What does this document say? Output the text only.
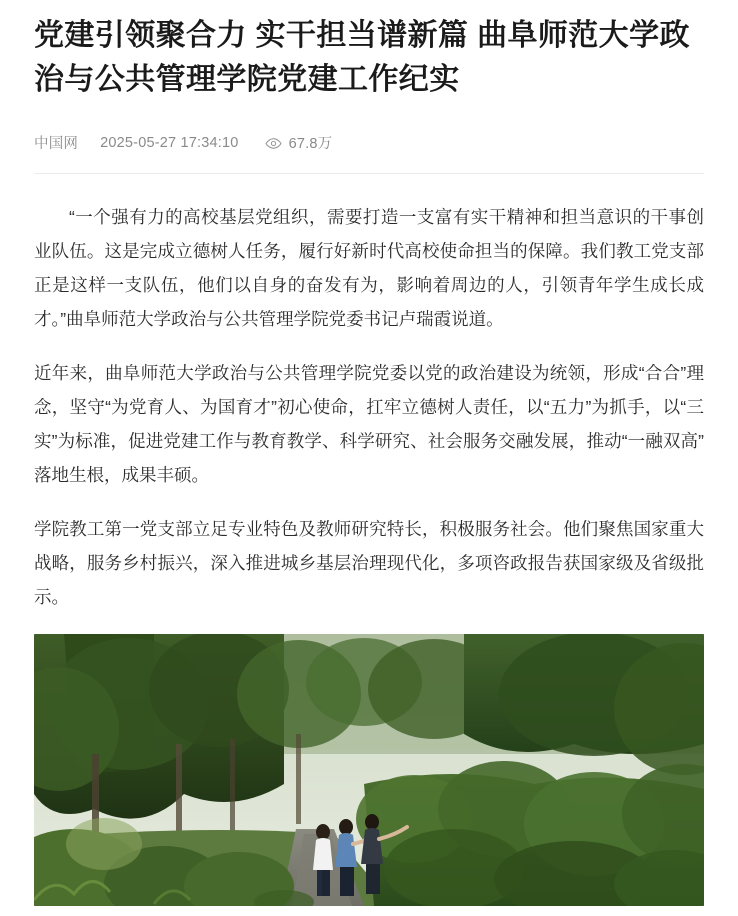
党建引领聚合力 实干担当谱新篇 曲阜师范大学政治与公共管理学院党建工作纪实
中国网 2025-05-27 17:34:10	67.8万

“一个强有力的高校基层党组织，需要打造一支富有实干精神和担当意识的干事创业队伍。这是完成立德树人任务，履行好新时代高校使命担当的保障。我们教工党支部正是这样一支队伍，他们以自身的奋发有为，影响着周边的人，引领青年学生成长成才。”曲阜师范大学政治与公共管理学院党委书记卢瑞霞说道。

近年来，曲阜师范大学政治与公共管理学院党委以党的政治建设为统领，形成“合合”理念，坚守“为党育人、为国育才”初心使命，扛牢立德树人责任，以“五力”为抓手，以“三实”为标准，促进党建工作与教育教学、科学研究、社会服务交融发展，推动“一融双高”落地生根，成果丰硕。

学院教工第一党支部立足专业特色及教师研究特长，积极服务社会。他们聚焦国家重大战略，服务乡村振兴，深入推进城乡基层治理现代化，多项咨政报告获国家级及省级批示。
